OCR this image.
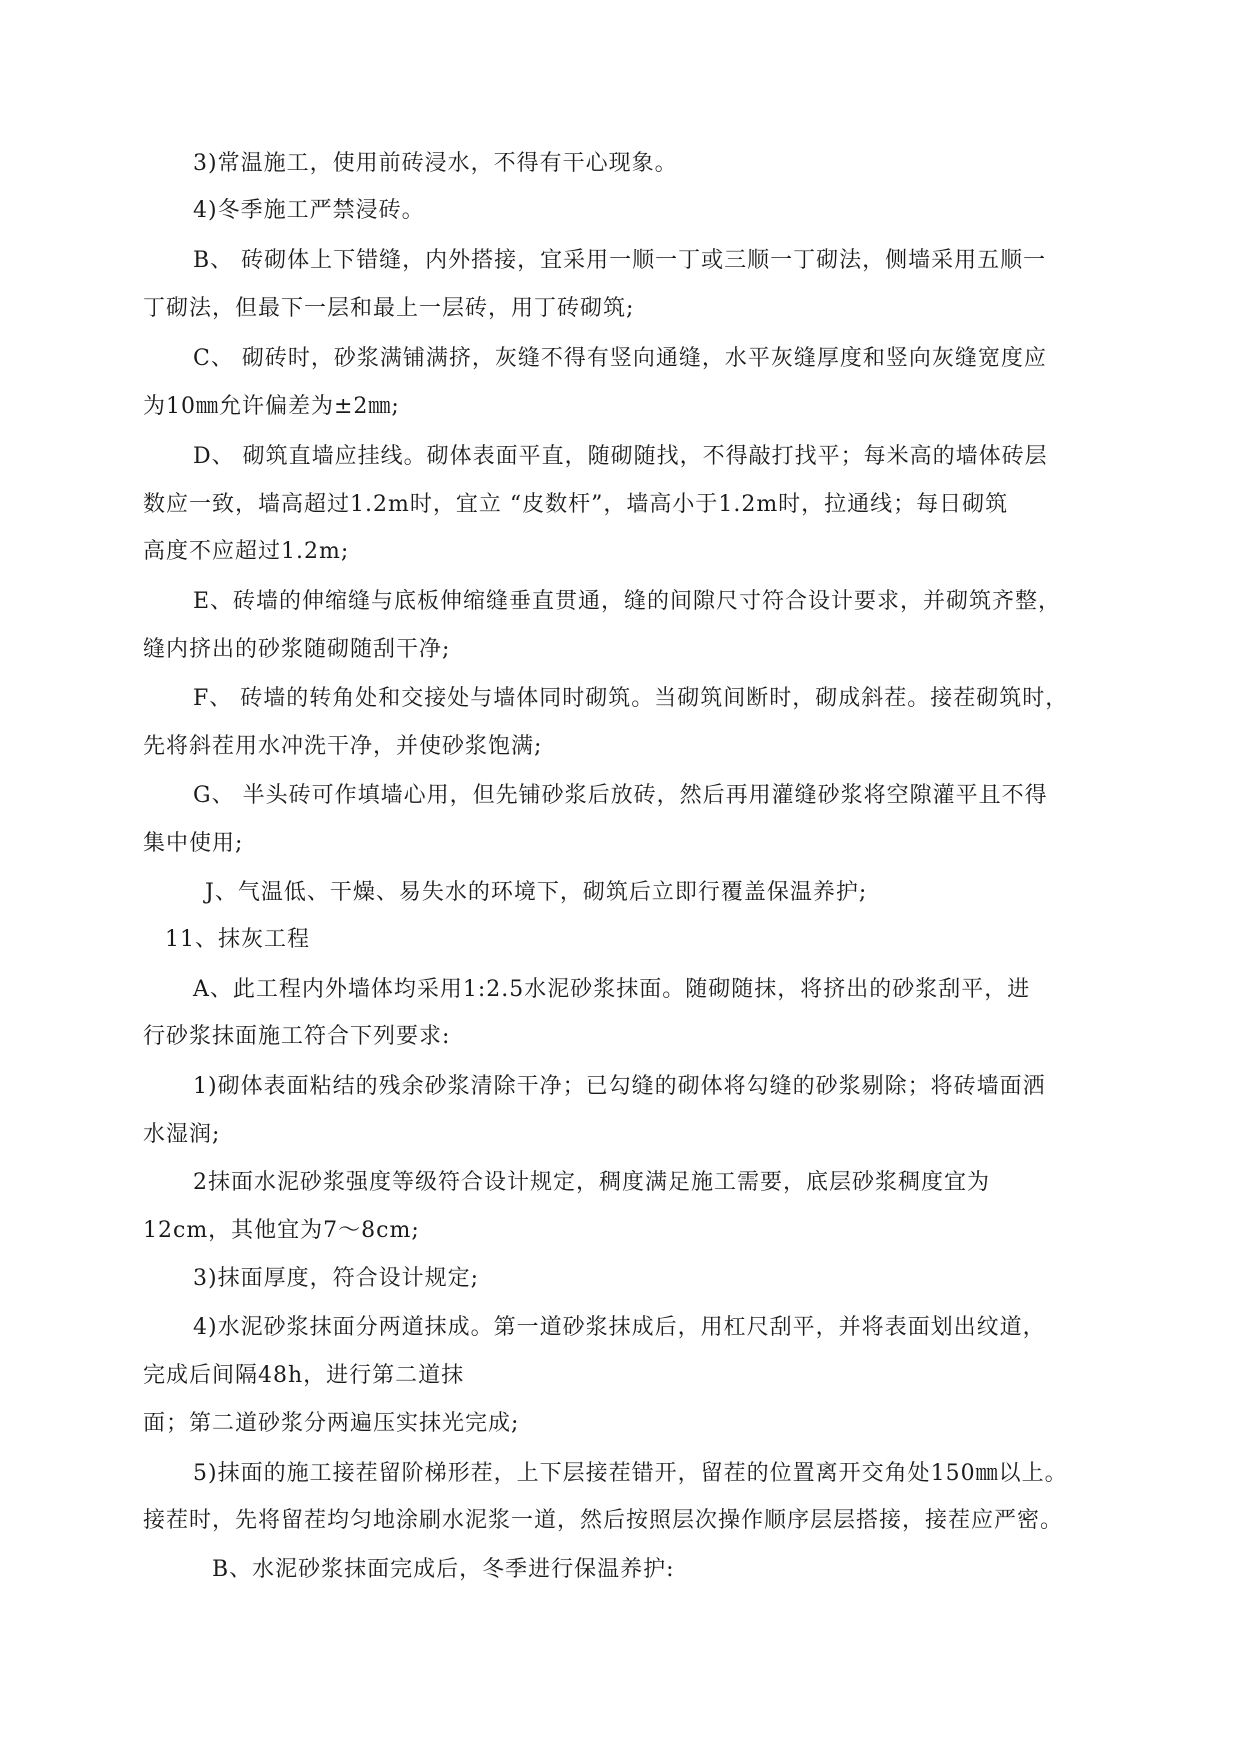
3)常温施工，使用前砖浸水，不得有干心现象。
4)冬季施工严禁浸砖。
B、 砖砌体上下错缝，内外搭接，宜采用一顺一丁或三顺一丁砌法，侧墙采用五顺一
丁砌法，但最下一层和最上一层砖，用丁砖砌筑;
C、 砌砖时，砂浆满铺满挤，灰缝不得有竖向通缝，水平灰缝厚度和竖向灰缝宽度应
为10㎜允许偏差为±2㎜;
D、 砌筑直墙应挂线。砌体表面平直，随砌随找，不得敲打找平；每米高的墙体砖层
数应一致，墙高超过1.2m时，宜立 “皮数杆”，墙高小于1.2m时，拉通线；每日砌筑
高度不应超过1.2m;
E、砖墙的伸缩缝与底板伸缩缝垂直贯通，缝的间隙尺寸符合设计要求，并砌筑齐整，
缝内挤出的砂浆随砌随刮干净;
F、 砖墙的转角处和交接处与墙体同时砌筑。当砌筑间断时，砌成斜茬。接茬砌筑时，
先将斜茬用水冲洗干净，并使砂浆饱满;
G、 半头砖可作填墙心用，但先铺砂浆后放砖，然后再用灌缝砂浆将空隙灌平且不得
集中使用;
J、气温低、干燥、易失水的环境下，砌筑后立即行覆盖保温养护;
11、抹灰工程
A、此工程内外墙体均采用1:2.5水泥砂浆抹面。随砌随抹，将挤出的砂浆刮平，进
行砂浆抹面施工符合下列要求:
1)砌体表面粘结的残余砂浆清除干净；已勾缝的砌体将勾缝的砂浆剔除；将砖墙面洒
水湿润;
2抹面水泥砂浆强度等级符合设计规定，稠度满足施工需要，底层砂浆稠度宜为
12cm，其他宜为7～8cm;
3)抹面厚度，符合设计规定;
4)水泥砂浆抹面分两道抹成。第一道砂浆抹成后，用杠尺刮平，并将表面划出纹道，
完成后间隔48h，进行第二道抹
面；第二道砂浆分两遍压实抹光完成;
5)抹面的施工接茬留阶梯形茬，上下层接茬错开，留茬的位置离开交角处150㎜以上。
接茬时，先将留茬均匀地涂刷水泥浆一道，然后按照层次操作顺序层层搭接，接茬应严密。
B、水泥砂浆抹面完成后，冬季进行保温养护:
